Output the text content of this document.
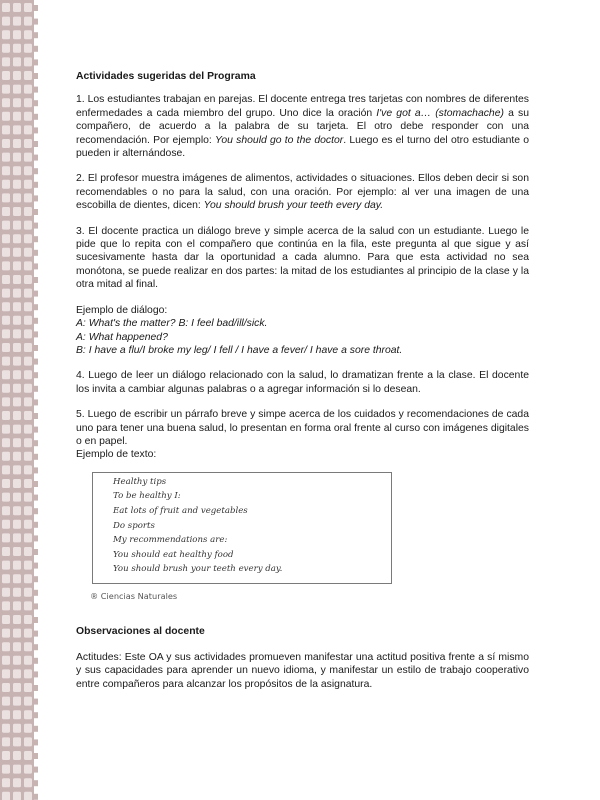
Actividades sugeridas del Programa

1. Los estudiantes trabajan en parejas. El docente entrega tres tarjetas con nombres de diferentes enfermedades a cada miembro del grupo. Uno dice la oración I've got a… (stomachache) a su compañero, de acuerdo a la palabra de su tarjeta. El otro debe responder con una recomendación. Por ejemplo: You should go to the doctor. Luego es el turno del otro estudiante o pueden ir alternándose.

2. El profesor muestra imágenes de alimentos, actividades o situaciones. Ellos deben decir si son recomendables o no para la salud, con una oración. Por ejemplo: al ver una imagen de una escobilla de dientes, dicen: You should brush your teeth every day.

3. El docente practica un diálogo breve y simple acerca de la salud con un estudiante. Luego le pide que lo repita con el compañero que continúa en la fila, este pregunta al que sigue y así sucesivamente hasta dar la oportunidad a cada alumno. Para que esta actividad no sea monótona, se puede realizar en dos partes: la mitad de los estudiantes al principio de la clase y la otra mitad al final.

Ejemplo de diálogo:
A: What's the matter? B: I feel bad/ill/sick.
A: What happened?
B: I have a flu/I broke my leg/ I fell / I have a fever/ I have a sore throat.

4. Luego de leer un diálogo relacionado con la salud, lo dramatizan frente a la clase. El docente los invita a cambiar algunas palabras o a agregar información si lo desean.

5. Luego de escribir un párrafo breve y simpe acerca de los cuidados y recomendaciones de cada uno para tener una buena salud, lo presentan en forma oral frente al curso con imágenes digitales o en papel.

Ejemplo de texto:
Healthy tips
To be healthy I:
Eat lots of fruit and vegetables
Do sports
My recommendations are:
You should eat healthy food
You should brush your teeth every day.
® Ciencias Naturales

Observaciones al docente

Actitudes: Este OA y sus actividades promueven manifestar una actitud positiva frente a sí mismo y sus capacidades para aprender un nuevo idioma, y manifestar un estilo de trabajo cooperativo entre compañeros para alcanzar los propósitos de la asignatura.
